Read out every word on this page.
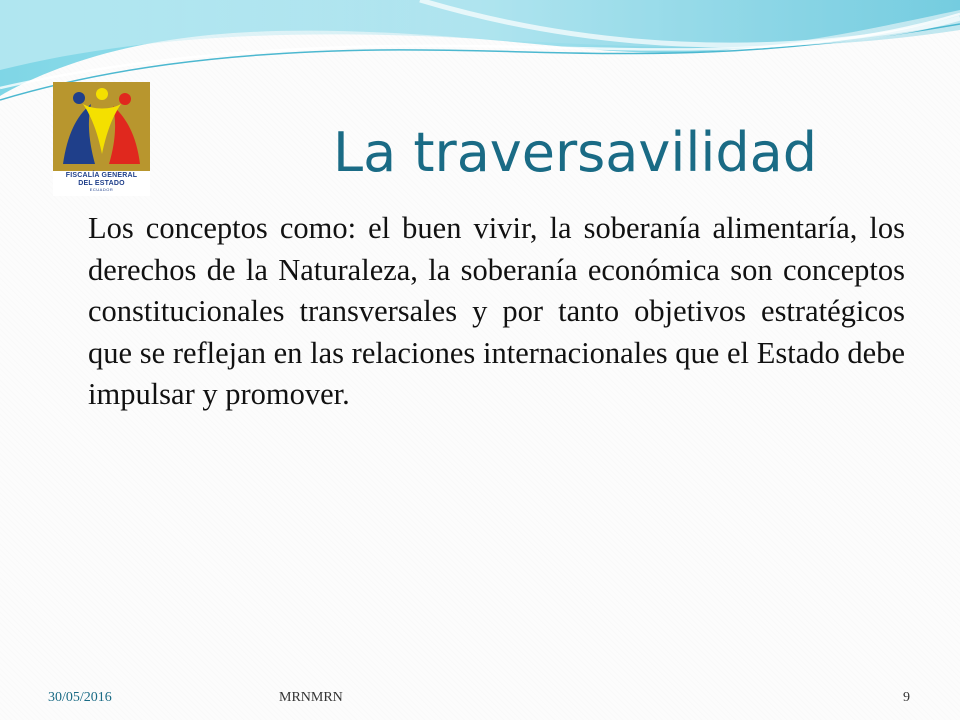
FISCALÍA GENERAL
DEL ESTADO
ECUADOR
La traversavilidad

Los conceptos como: el buen vivir, la soberanía alimentaría, los derechos de la Naturaleza, la soberanía económica son conceptos constitucionales transversales y por tanto objetivos estratégicos que se reflejan en las relaciones internacionales que el Estado debe impulsar y promover.

30/05/2016	MRNMRN	9
